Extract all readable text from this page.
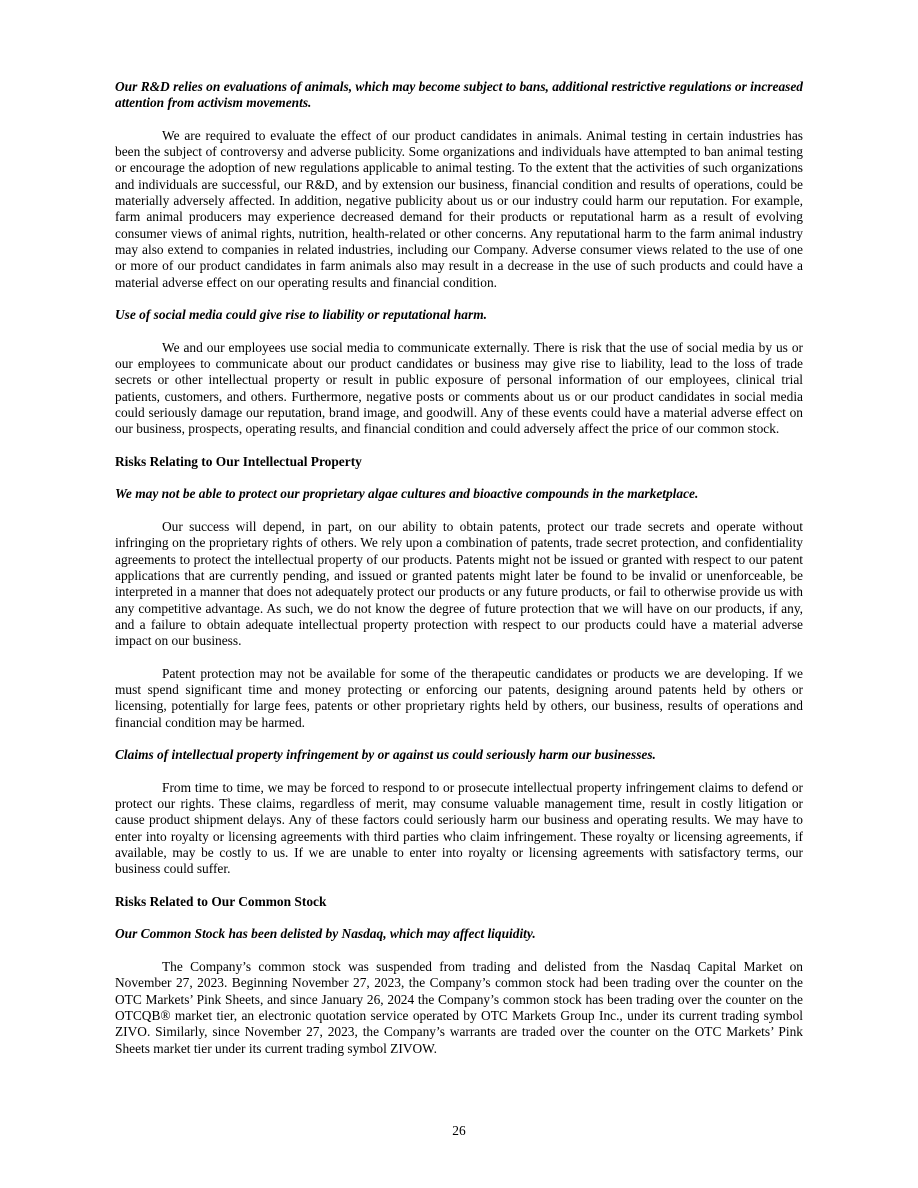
Our R&D relies on evaluations of animals, which may become subject to bans, additional restrictive regulations or increased attention from activism movements.

We are required to evaluate the effect of our product candidates in animals. Animal testing in certain industries has been the subject of controversy and adverse publicity. Some organizations and individuals have attempted to ban animal testing or encourage the adoption of new regulations applicable to animal testing. To the extent that the activities of such organizations and individuals are successful, our R&D, and by extension our business, financial condition and results of operations, could be materially adversely affected. In addition, negative publicity about us or our industry could harm our reputation. For example, farm animal producers may experience decreased demand for their products or reputational harm as a result of evolving consumer views of animal rights, nutrition, health-related or other concerns. Any reputational harm to the farm animal industry may also extend to companies in related industries, including our Company. Adverse consumer views related to the use of one or more of our product candidates in farm animals also may result in a decrease in the use of such products and could have a material adverse effect on our operating results and financial condition.

Use of social media could give rise to liability or reputational harm.

We and our employees use social media to communicate externally. There is risk that the use of social media by us or our employees to communicate about our product candidates or business may give rise to liability, lead to the loss of trade secrets or other intellectual property or result in public exposure of personal information of our employees, clinical trial patients, customers, and others. Furthermore, negative posts or comments about us or our product candidates in social media could seriously damage our reputation, brand image, and goodwill. Any of these events could have a material adverse effect on our business, prospects, operating results, and financial condition and could adversely affect the price of our common stock.

Risks Relating to Our Intellectual Property

We may not be able to protect our proprietary algae cultures and bioactive compounds in the marketplace.

Our success will depend, in part, on our ability to obtain patents, protect our trade secrets and operate without infringing on the proprietary rights of others. We rely upon a combination of patents, trade secret protection, and confidentiality agreements to protect the intellectual property of our products. Patents might not be issued or granted with respect to our patent applications that are currently pending, and issued or granted patents might later be found to be invalid or unenforceable, be interpreted in a manner that does not adequately protect our products or any future products, or fail to otherwise provide us with any competitive advantage. As such, we do not know the degree of future protection that we will have on our products, if any, and a failure to obtain adequate intellectual property protection with respect to our products could have a material adverse impact on our business.

Patent protection may not be available for some of the therapeutic candidates or products we are developing. If we must spend significant time and money protecting or enforcing our patents, designing around patents held by others or licensing, potentially for large fees, patents or other proprietary rights held by others, our business, results of operations and financial condition may be harmed.

Claims of intellectual property infringement by or against us could seriously harm our businesses.

From time to time, we may be forced to respond to or prosecute intellectual property infringement claims to defend or protect our rights. These claims, regardless of merit, may consume valuable management time, result in costly litigation or cause product shipment delays. Any of these factors could seriously harm our business and operating results. We may have to enter into royalty or licensing agreements with third parties who claim infringement. These royalty or licensing agreements, if available, may be costly to us. If we are unable to enter into royalty or licensing agreements with satisfactory terms, our business could suffer.

Risks Related to Our Common Stock

Our Common Stock has been delisted by Nasdaq, which may affect liquidity.

The Company’s common stock was suspended from trading and delisted from the Nasdaq Capital Market on November 27, 2023. Beginning November 27, 2023, the Company’s common stock had been trading over the counter on the OTC Markets’ Pink Sheets, and since January 26, 2024 the Company’s common stock has been trading over the counter on the OTCQB® market tier, an electronic quotation service operated by OTC Markets Group Inc., under its current trading symbol ZIVO. Similarly, since November 27, 2023, the Company’s warrants are traded over the counter on the OTC Markets’ Pink Sheets market tier under its current trading symbol ZIVOW.

26
